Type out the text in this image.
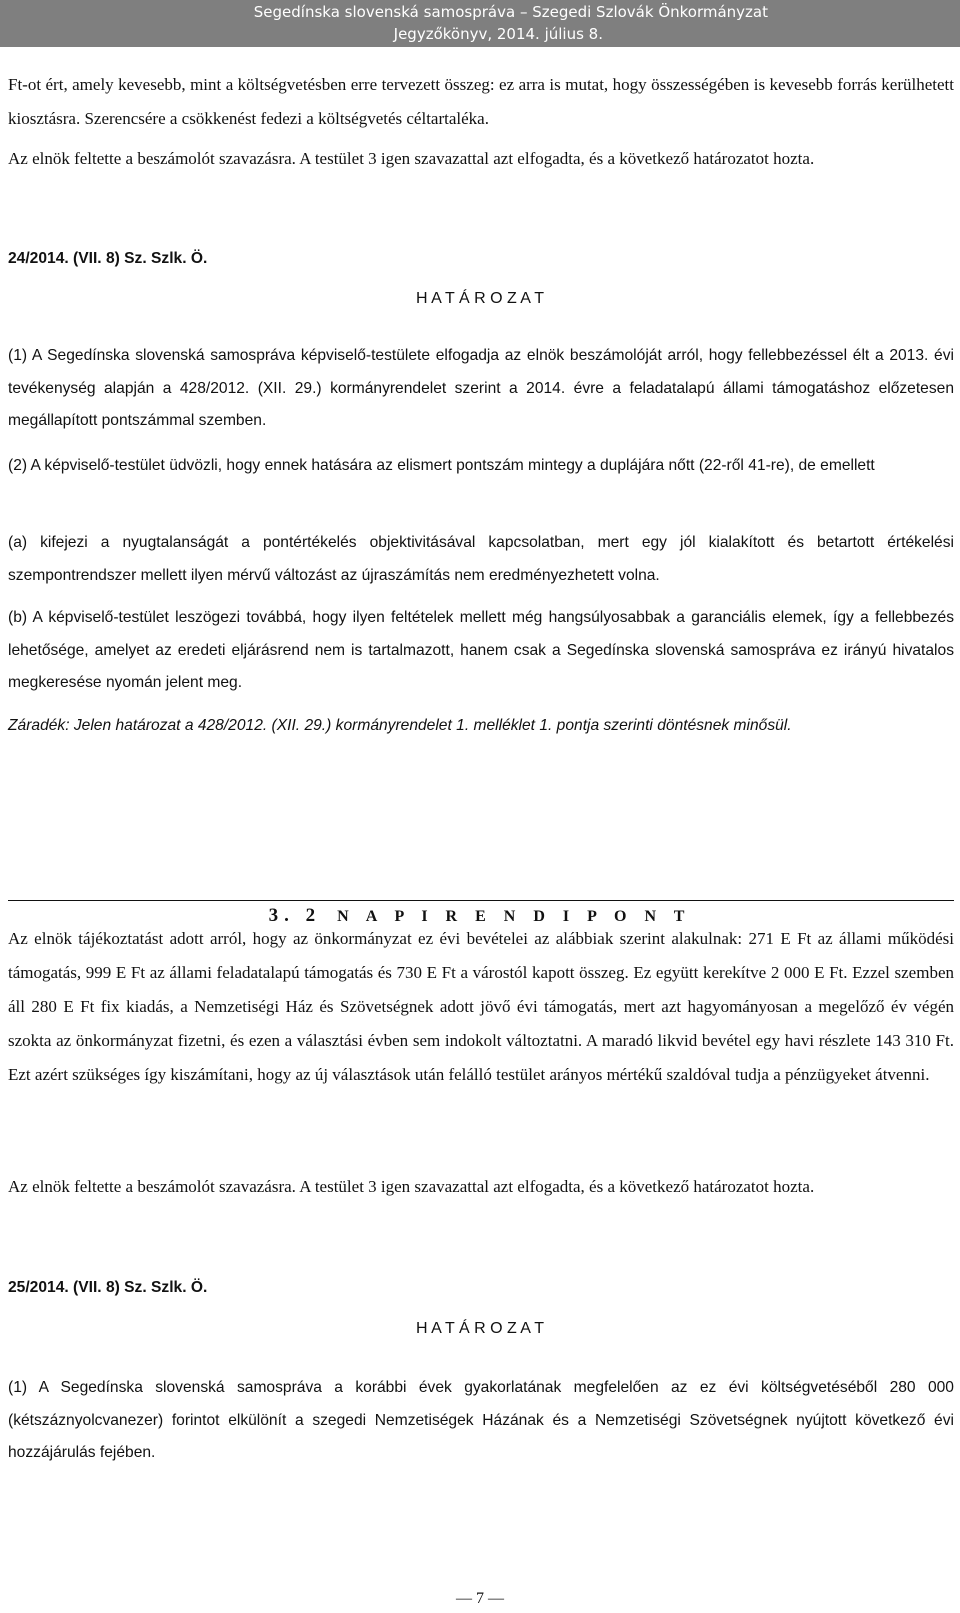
Segedínska slovenská samospráva – Szegedi Szlovák Önkormányzat
Jegyzőkönyv, 2014. július 8.
Ft-ot ért, amely kevesebb, mint a költségvetésben erre tervezett összeg: ez arra is mutat, hogy összességében is kevesebb forrás kerülhetett kiosztásra. Szerencsére a csökkenést fedezi a költségvetés céltartaléka.
Az elnök feltette a beszámolót szavazásra. A testület 3 igen szavazattal azt elfogadta, és a következő határozatot hozta.
24/2014. (VII. 8) Sz. Szlk. Ö.
H A T Á R O Z A T
(1) A Segedínska slovenská samospráva képviselő-testülete elfogadja az elnök beszámolóját arról, hogy fellebbezéssel élt a 2013. évi tevékenység alapján a 428/2012. (XII. 29.) kormányrendelet szerint a 2014. évre a feladatalapú állami támogatáshoz előzetesen megállapított pontszámmal szemben.
(2) A képviselő-testület üdvözli, hogy ennek hatására az elismert pontszám mintegy a duplájára nőtt (22-ről 41-re), de emellett
(a) kifejezi a nyugtalanságát a pontértékelés objektivitásával kapcsolatban, mert egy jól kialakított és betartott értékelési szempontrendszer mellett ilyen mérvű változást az újraszámítás nem eredményezhetett volna.
(b) A képviselő-testület leszögezi továbbá, hogy ilyen feltételek mellett még hangsúlyosabbak a garanciális elemek, így a fellebbezés lehetősége, amelyet az eredeti eljárásrend nem is tartalmazott, hanem csak a Segedínska slovenská samospráva ez irányú hivatalos megkeresése nyomán jelent meg.
Záradék: Jelen határozat a 428/2012. (XII. 29.) kormányrendelet 1. melléklet 1. pontja szerinti döntésnek minősül.
3. 2 N A P I R E N D I P O N T
Az elnök tájékoztatást adott arról, hogy az önkormányzat ez évi bevételei az alábbiak szerint alakulnak: 271 E Ft az állami működési támogatás, 999 E Ft az állami feladatalapú támogatás és 730 E Ft a várostól kapott összeg. Ez együtt kerekítve 2 000 E Ft. Ezzel szemben áll 280 E Ft fix kiadás, a Nemzetiségi Ház és Szövetségnek adott jövő évi támogatás, mert azt hagyományosan a megelőző év végén szokta az önkormányzat fizetni, és ezen a választási évben sem indokolt változtatni. A maradó likvid bevétel egy havi részlete 143 310 Ft. Ezt azért szükséges így kiszámítani, hogy az új választások után felálló testület arányos mértékű szaldóval tudja a pénzügyeket átvenni.
Az elnök feltette a beszámolót szavazásra. A testület 3 igen szavazattal azt elfogadta, és a következő határozatot hozta.
25/2014. (VII. 8) Sz. Szlk. Ö.
H A T Á R O Z A T
(1) A Segedínska slovenská samospráva a korábbi évek gyakorlatának megfelelően az ez évi költségvetéséből 280 000 (kétszáznyolcvanezer) forintot elkülönít a szegedi Nemzetiségek Házának és a Nemzetiségi Szövetségnek nyújtott következő évi hozzájárulás fejében.
— 7 —
